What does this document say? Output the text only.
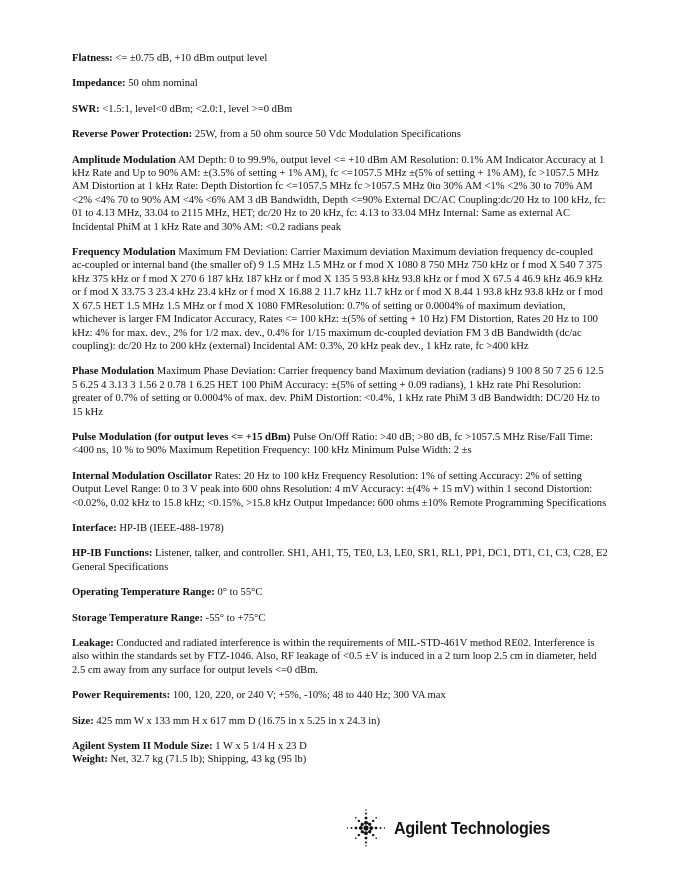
Flatness: <= ±0.75 dB, +10 dBm output level

Impedance: 50 ohm nominal

SWR: <1.5:1, level<0 dBm; <2.0:1, level >=0 dBm

Reverse Power Protection: 25W, from a 50 ohm source 50 Vdc Modulation Specifications

Amplitude Modulation AM Depth: 0 to 99.9%, output level <= +10 dBm AM Resolution: 0.1% AM Indicator Accuracy at 1 kHz Rate and Up to 90% AM: ±(3.5% of setting + 1% AM), fc <=1057.5 MHz ±(5% of setting + 1% AM), fc >1057.5 MHz AM Distortion at 1 kHz Rate: Depth Distortion fc <=1057.5 MHz fc >1057.5 MHz 0to 30% AM <1% <2% 30 to 70% AM <2% <4% 70 to 90% AM <4% <6% AM 3 dB Bandwidth, Depth <=90% External DC/AC Coupling:dc/20 Hz to 100 kHz, fc: 01 to 4.13 MHz, 33.04 to 2115 MHz, HET; dc/20 Hz to 20 kHz, fc: 4.13 to 33.04 MHz Internal: Same as external AC Incidental PhiM at 1 kHz Rate and 30% AM: <0.2 radians peak

Frequency Modulation Maximum FM Deviation: Carrier Maximum deviation Maximum deviation frequency dc-coupled ac-coupled or internal band (the smaller of) 9 1.5 MHz 1.5 MHz or f mod X 1080 8 750 MHz 750 kHz or f mod X 540 7 375 kHz 375 kHz or f mod X 270 6 187 kHz 187 kHz or f mod X 135 5 93.8 kHz 93.8 kHz or f mod X 67.5 4 46.9 kHz 46.9 kHz or f mod X 33.75 3 23.4 kHz 23.4 kHz or f mod X 16.88 2 11.7 kHz 11.7 kHz or f mod X 8.44 1 93.8 kHz 93.8 kHz or f mod X 67.5 HET 1.5 MHz 1.5 MHz or f mod X 1080 FMResolution: 0.7% of setting or 0.0004% of maximum deviation, whichever is larger FM Indicator Accuracy, Rates <= 100 kHz: ±(5% of setting + 10 Hz) FM Distortion, Rates 20 Hz to 100 kHz: 4% for max. dev., 2% for 1/2 max. dev., 0.4% for 1/15 maximum dc-coupled deviation FM 3 dB Bandwidth (dc/ac coupling): dc/20 Hz to 200 kHz (external) Incidental AM: 0.3%, 20 kHz peak dev., 1 kHz rate, fc >400 kHz

Phase Modulation Maximum Phase Deviation: Carrier frequency band Maximum deviation (radians) 9 100 8 50 7 25 6 12.5 5 6.25 4 3.13 3 1.56 2 0.78 1 6.25 HET 100 PhiM Accuracy: ±(5% of setting + 0.09 radians), 1 kHz rate Phi Resolution: greater of 0.7% of setting or 0.0004% of max. dev. PhiM Distortion: <0.4%, 1 kHz rate PhiM 3 dB Bandwidth: DC/20 Hz to 15 kHz

Pulse Modulation (for output leves <= +15 dBm) Pulse On/Off Ratio: >40 dB; >80 dB, fc >1057.5 MHz Rise/Fall Time: <400 ns, 10 % to 90% Maximum Repetition Frequency: 100 kHz Minimum Pulse Width: 2 ±s

Internal Modulation Oscillator Rates: 20 Hz to 100 kHz Frequency Resolution: 1% of setting Accuracy: 2% of setting Output Level Range: 0 to 3 V peak into 600 ohns Resolution: 4 mV Accuracy: ±(4% + 15 mV) within 1 second Distortion: <0.02%, 0.02 kHz to 15.8 kHz; <0.15%, >15.8 kHz Output Impedance: 600 ohms ±10% Remote Programming Specifications

Interface: HP-IB (IEEE-488-1978)

HP-IB Functions: Listener, talker, and controller. SH1, AH1, T5, TE0, L3, LE0, SR1, RL1, PP1, DC1, DT1, C1, C3, C28, E2 General Specifications

Operating Temperature Range: 0° to 55°C

Storage Temperature Range: -55° to +75°C

Leakage: Conducted and radiated interference is within the requirements of MIL-STD-461V method RE02. Interference is also within the standards set by FTZ-1046. Also, RF leakage of <0.5 ±V is induced in a 2 turn loop 2.5 cm in diameter, held 2.5 cm away from any surface for output levels <=0 dBm.

Power Requirements: 100, 120, 220, or 240 V; +5%, -10%; 48 to 440 Hz; 300 VA max

Size: 425 mm W x 133 mm H x 617 mm D (16.75 in x 5.25 in x 24.3 in)

Agilent System II Module Size: 1 W x 5 1/4 H x 23 D

Weight: Net, 32.7 kg (71.5 lb); Shipping, 43 kg (95 lb)

Agilent Technologies
